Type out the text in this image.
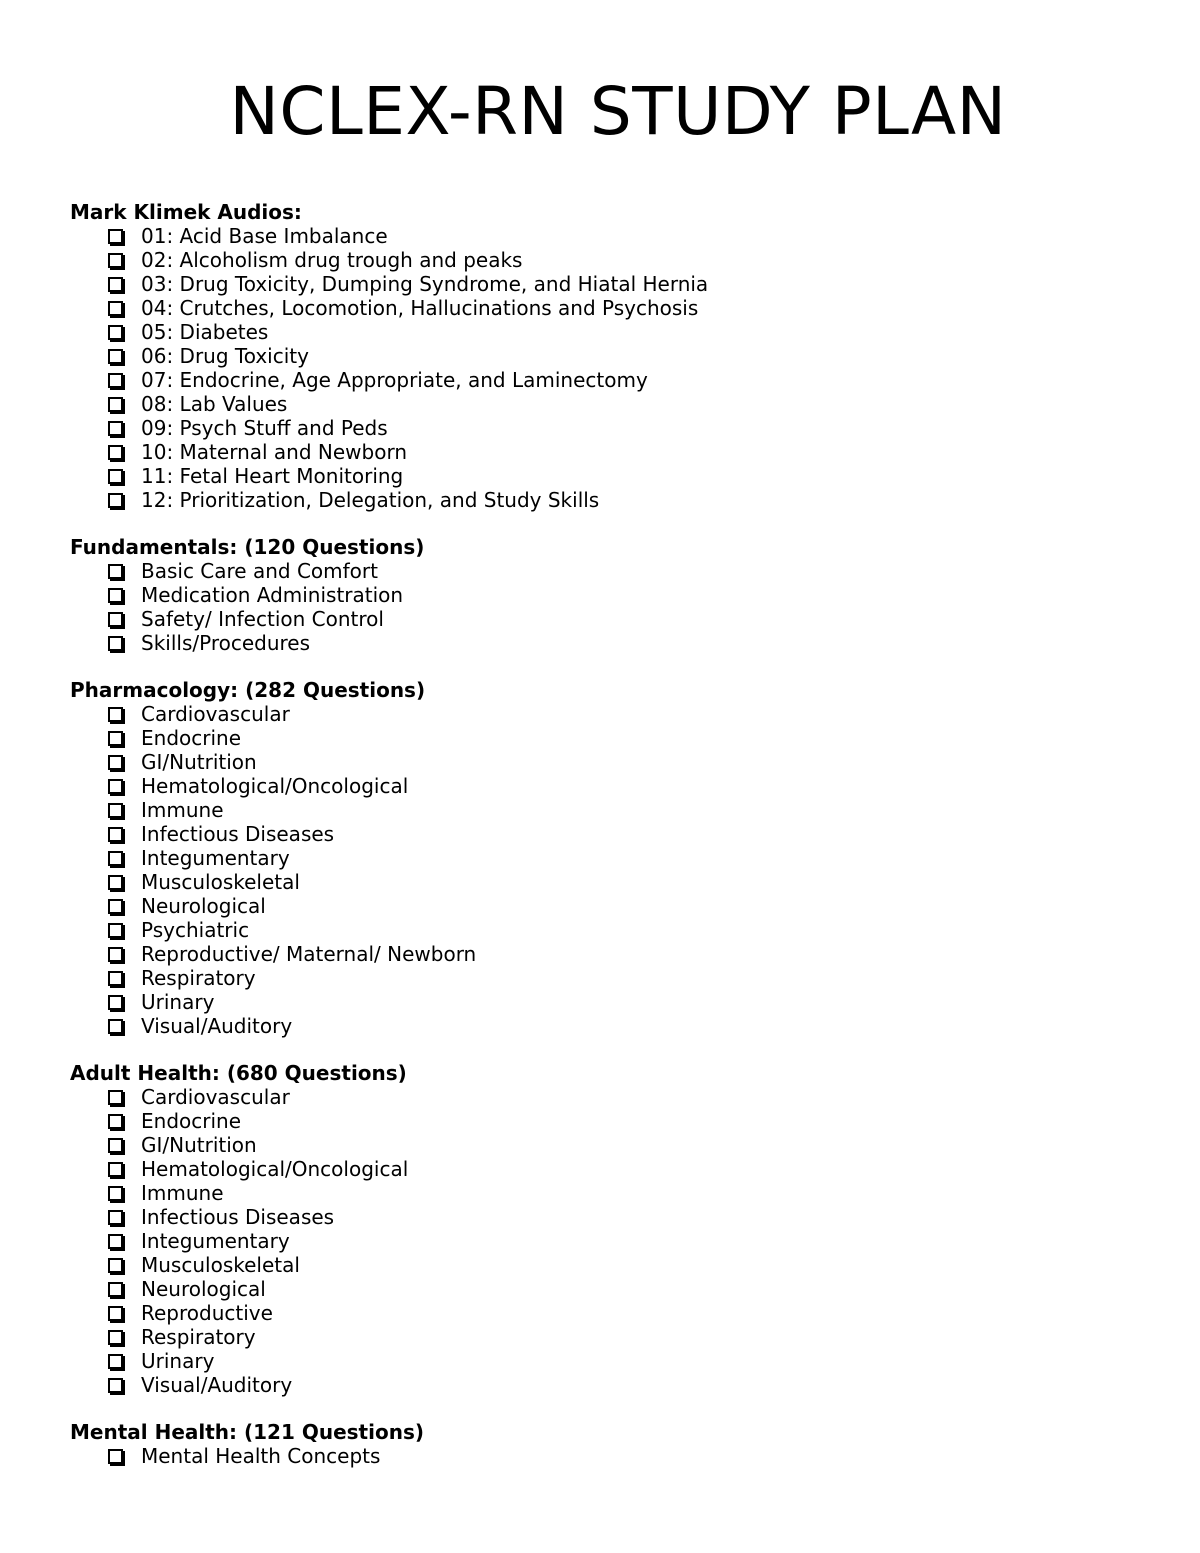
NCLEX-RN STUDY PLAN
Mark Klimek Audios:
01: Acid Base Imbalance
02: Alcoholism drug trough and peaks
03: Drug Toxicity, Dumping Syndrome, and Hiatal Hernia
04: Crutches, Locomotion, Hallucinations and Psychosis
05: Diabetes
06: Drug Toxicity
07: Endocrine, Age Appropriate, and Laminectomy
08: Lab Values
09: Psych Stuff and Peds
10: Maternal and Newborn
11: Fetal Heart Monitoring
12: Prioritization, Delegation, and Study Skills
Fundamentals: (120 Questions)
Basic Care and Comfort
Medication Administration
Safety/ Infection Control
Skills/Procedures
Pharmacology: (282 Questions)
Cardiovascular
Endocrine
GI/Nutrition
Hematological/Oncological
Immune
Infectious Diseases
Integumentary
Musculoskeletal
Neurological
Psychiatric
Reproductive/ Maternal/ Newborn
Respiratory
Urinary
Visual/Auditory
Adult Health: (680 Questions)
Cardiovascular
Endocrine
GI/Nutrition
Hematological/Oncological
Immune
Infectious Diseases
Integumentary
Musculoskeletal
Neurological
Reproductive
Respiratory
Urinary
Visual/Auditory
Mental Health: (121 Questions)
Mental Health Concepts
